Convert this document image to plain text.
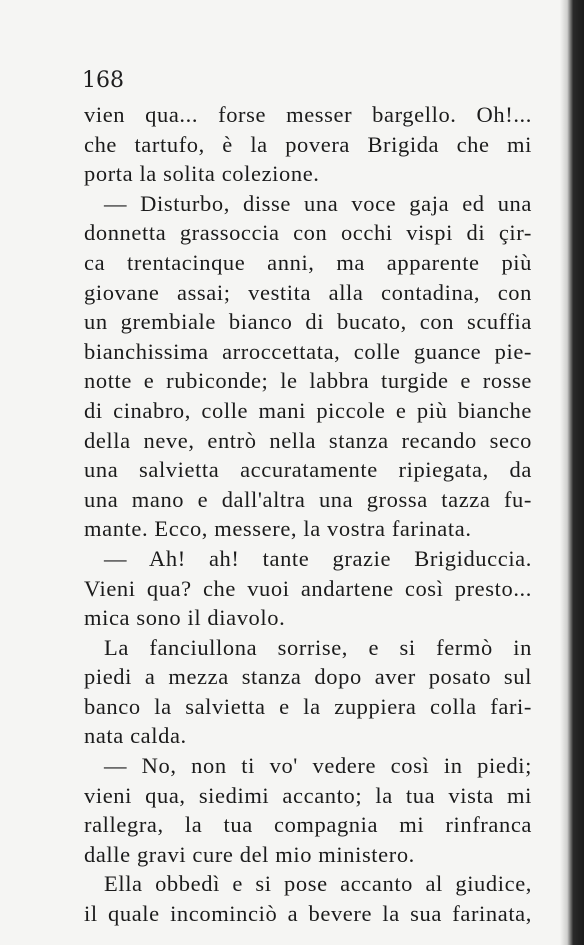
168
vien qua... forse messer bargello. Oh!...
che tartufo, è la povera Brigida che mi
porta la solita colezione.
— Disturbo, disse una voce gaja ed una
donnetta grassoccia con occhi vispi di çir-
ca trentacinque anni, ma apparente più
giovane assai; vestita alla contadina, con
un grembiale bianco di bucato, con scuffia
bianchissima arroccettata, colle guance pie-
notte e rubiconde; le labbra turgide e rosse
di cinabro, colle mani piccole e più bianche
della neve, entrò nella stanza recando seco
una salvietta accuratamente ripiegata, da
una mano e dall'altra una grossa tazza fu-
mante. Ecco, messere, la vostra farinata.
— Ah! ah! tante grazie Brigiduccia.
Vieni qua? che vuoi andartene così presto...
mica sono il diavolo.
La fanciullona sorrise, e si fermò in
piedi a mezza stanza dopo aver posato sul
banco la salvietta e la zuppiera colla fari-
nata calda.
— No, non ti vo' vedere così in piedi;
vieni qua, siedimi accanto; la tua vista mi
rallegra, la tua compagnia mi rinfranca
dalle gravi cure del mio ministero.
Ella obbedì e si pose accanto al giudice,
il quale incominciò a bevere la sua farinata,
